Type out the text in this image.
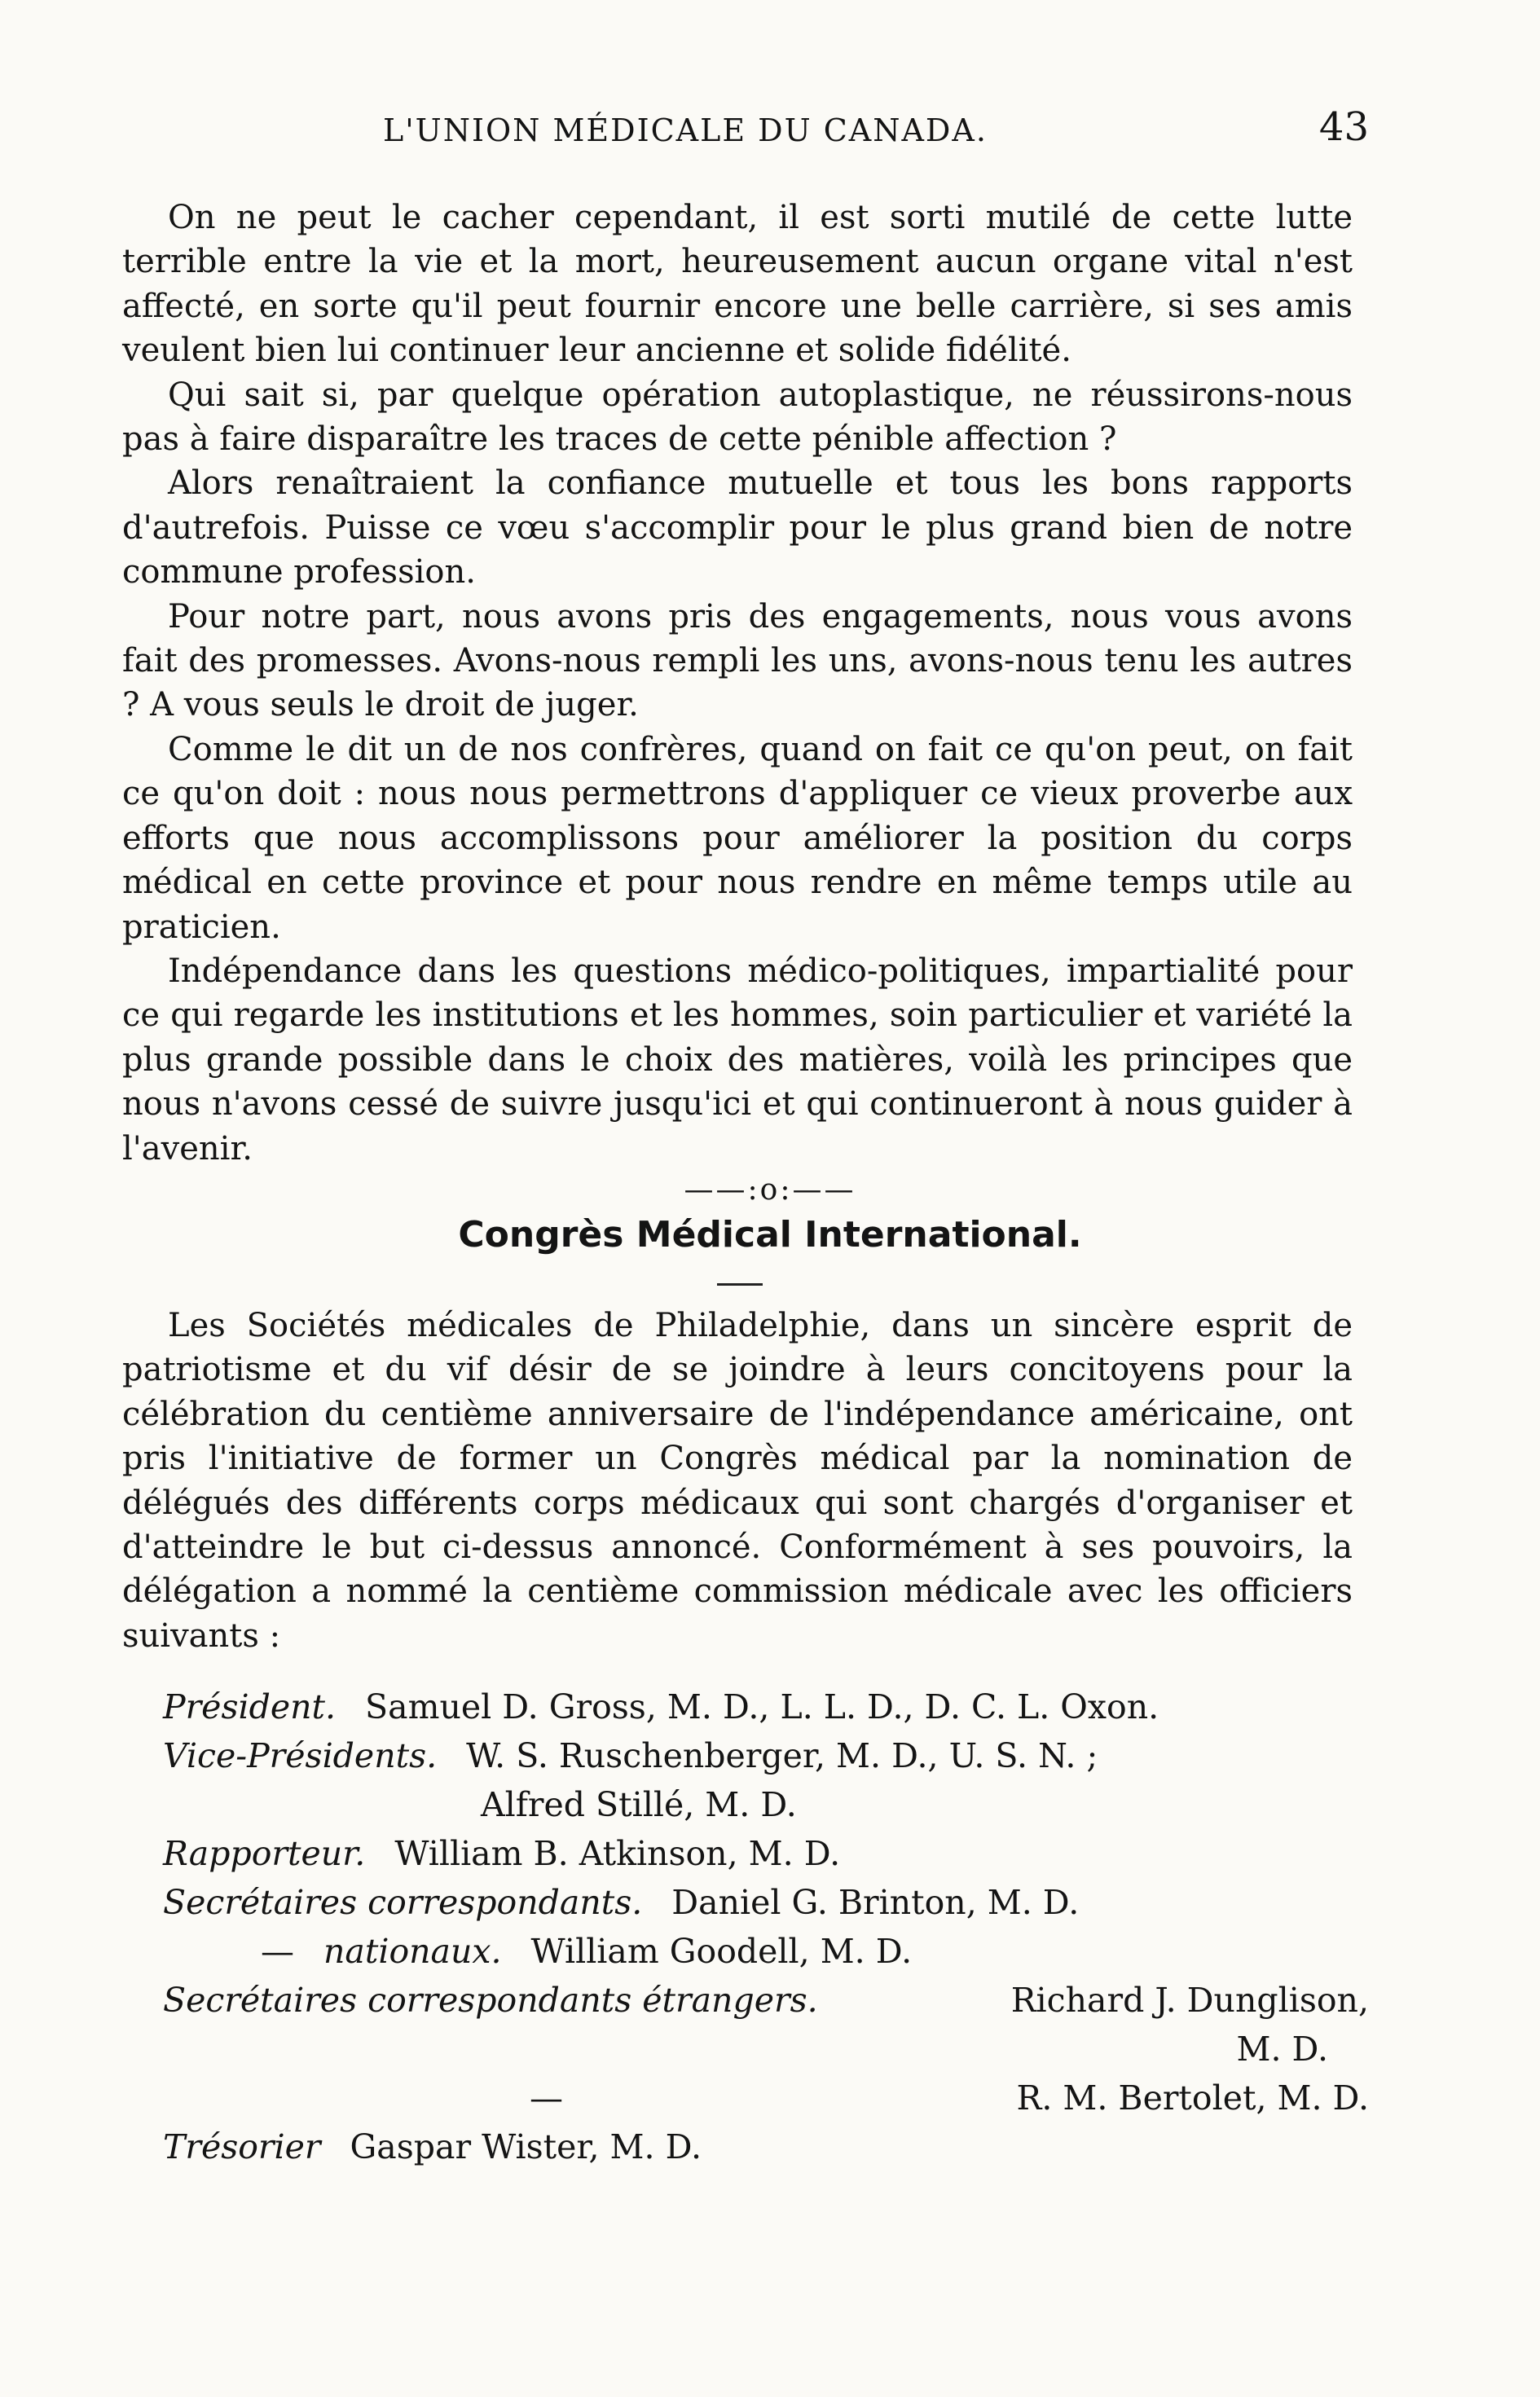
L'UNION MÉDICALE DU CANADA.	43

On ne peut le cacher cependant, il est sorti mutilé de cette lutte terrible entre la vie et la mort, heureusement aucun organe vital n'est affecté, en sorte qu'il peut fournir encore une belle carrière, si ses amis veulent bien lui continuer leur ancienne et solide fidélité.

Qui sait si, par quelque opération autoplastique, ne réussirons-nous pas à faire disparaître les traces de cette pénible affection ?

Alors renaîtraient la confiance mutuelle et tous les bons rapports d'autrefois. Puisse ce vœu s'accomplir pour le plus grand bien de notre commune profession.

Pour notre part, nous avons pris des engagements, nous vous avons fait des promesses. Avons-nous rempli les uns, avons-nous tenu les autres ? A vous seuls le droit de juger.

Comme le dit un de nos confrères, quand on fait ce qu'on peut, on fait ce qu'on doit : nous nous permettrons d'appliquer ce vieux proverbe aux efforts que nous accomplissons pour améliorer la position du corps médical en cette province et pour nous rendre en même temps utile au praticien.

Indépendance dans les questions médico-politiques, impartialité pour ce qui regarde les institutions et les hommes, soin particulier et variété la plus grande possible dans le choix des matières, voilà les principes que nous n'avons cessé de suivre jusqu'ici et qui continueront à nous guider à l'avenir.

——:o:——
Congrès Médical International.

Les Sociétés médicales de Philadelphie, dans un sincère esprit de patriotisme et du vif désir de se joindre à leurs concitoyens pour la célébration du centième anniversaire de l'indépendance américaine, ont pris l'initiative de former un Congrès médical par la nomination de délégués des différents corps médicaux qui sont chargés d'organiser et d'atteindre le but ci-dessus annoncé. Conformément à ses pouvoirs, la délégation a nommé la centième commission médicale avec les officiers suivants :

Président. Samuel D. Gross, M. D., L. L. D., D. C. L. Oxon.
Vice-Présidents. W. S. Ruschenberger, M. D., U. S. N. ;
Alfred Stillé, M. D.
Rapporteur. William B. Atkinson, M. D.
Secrétaires correspondants. Daniel G. Brinton, M. D.
— nationaux. William Goodell, M. D.
Secrétaires correspondants étrangers.	Richard J. Dunglison,
M. D.
—	R. M. Bertolet, M. D.
Trésorier Gaspar Wister, M. D.
